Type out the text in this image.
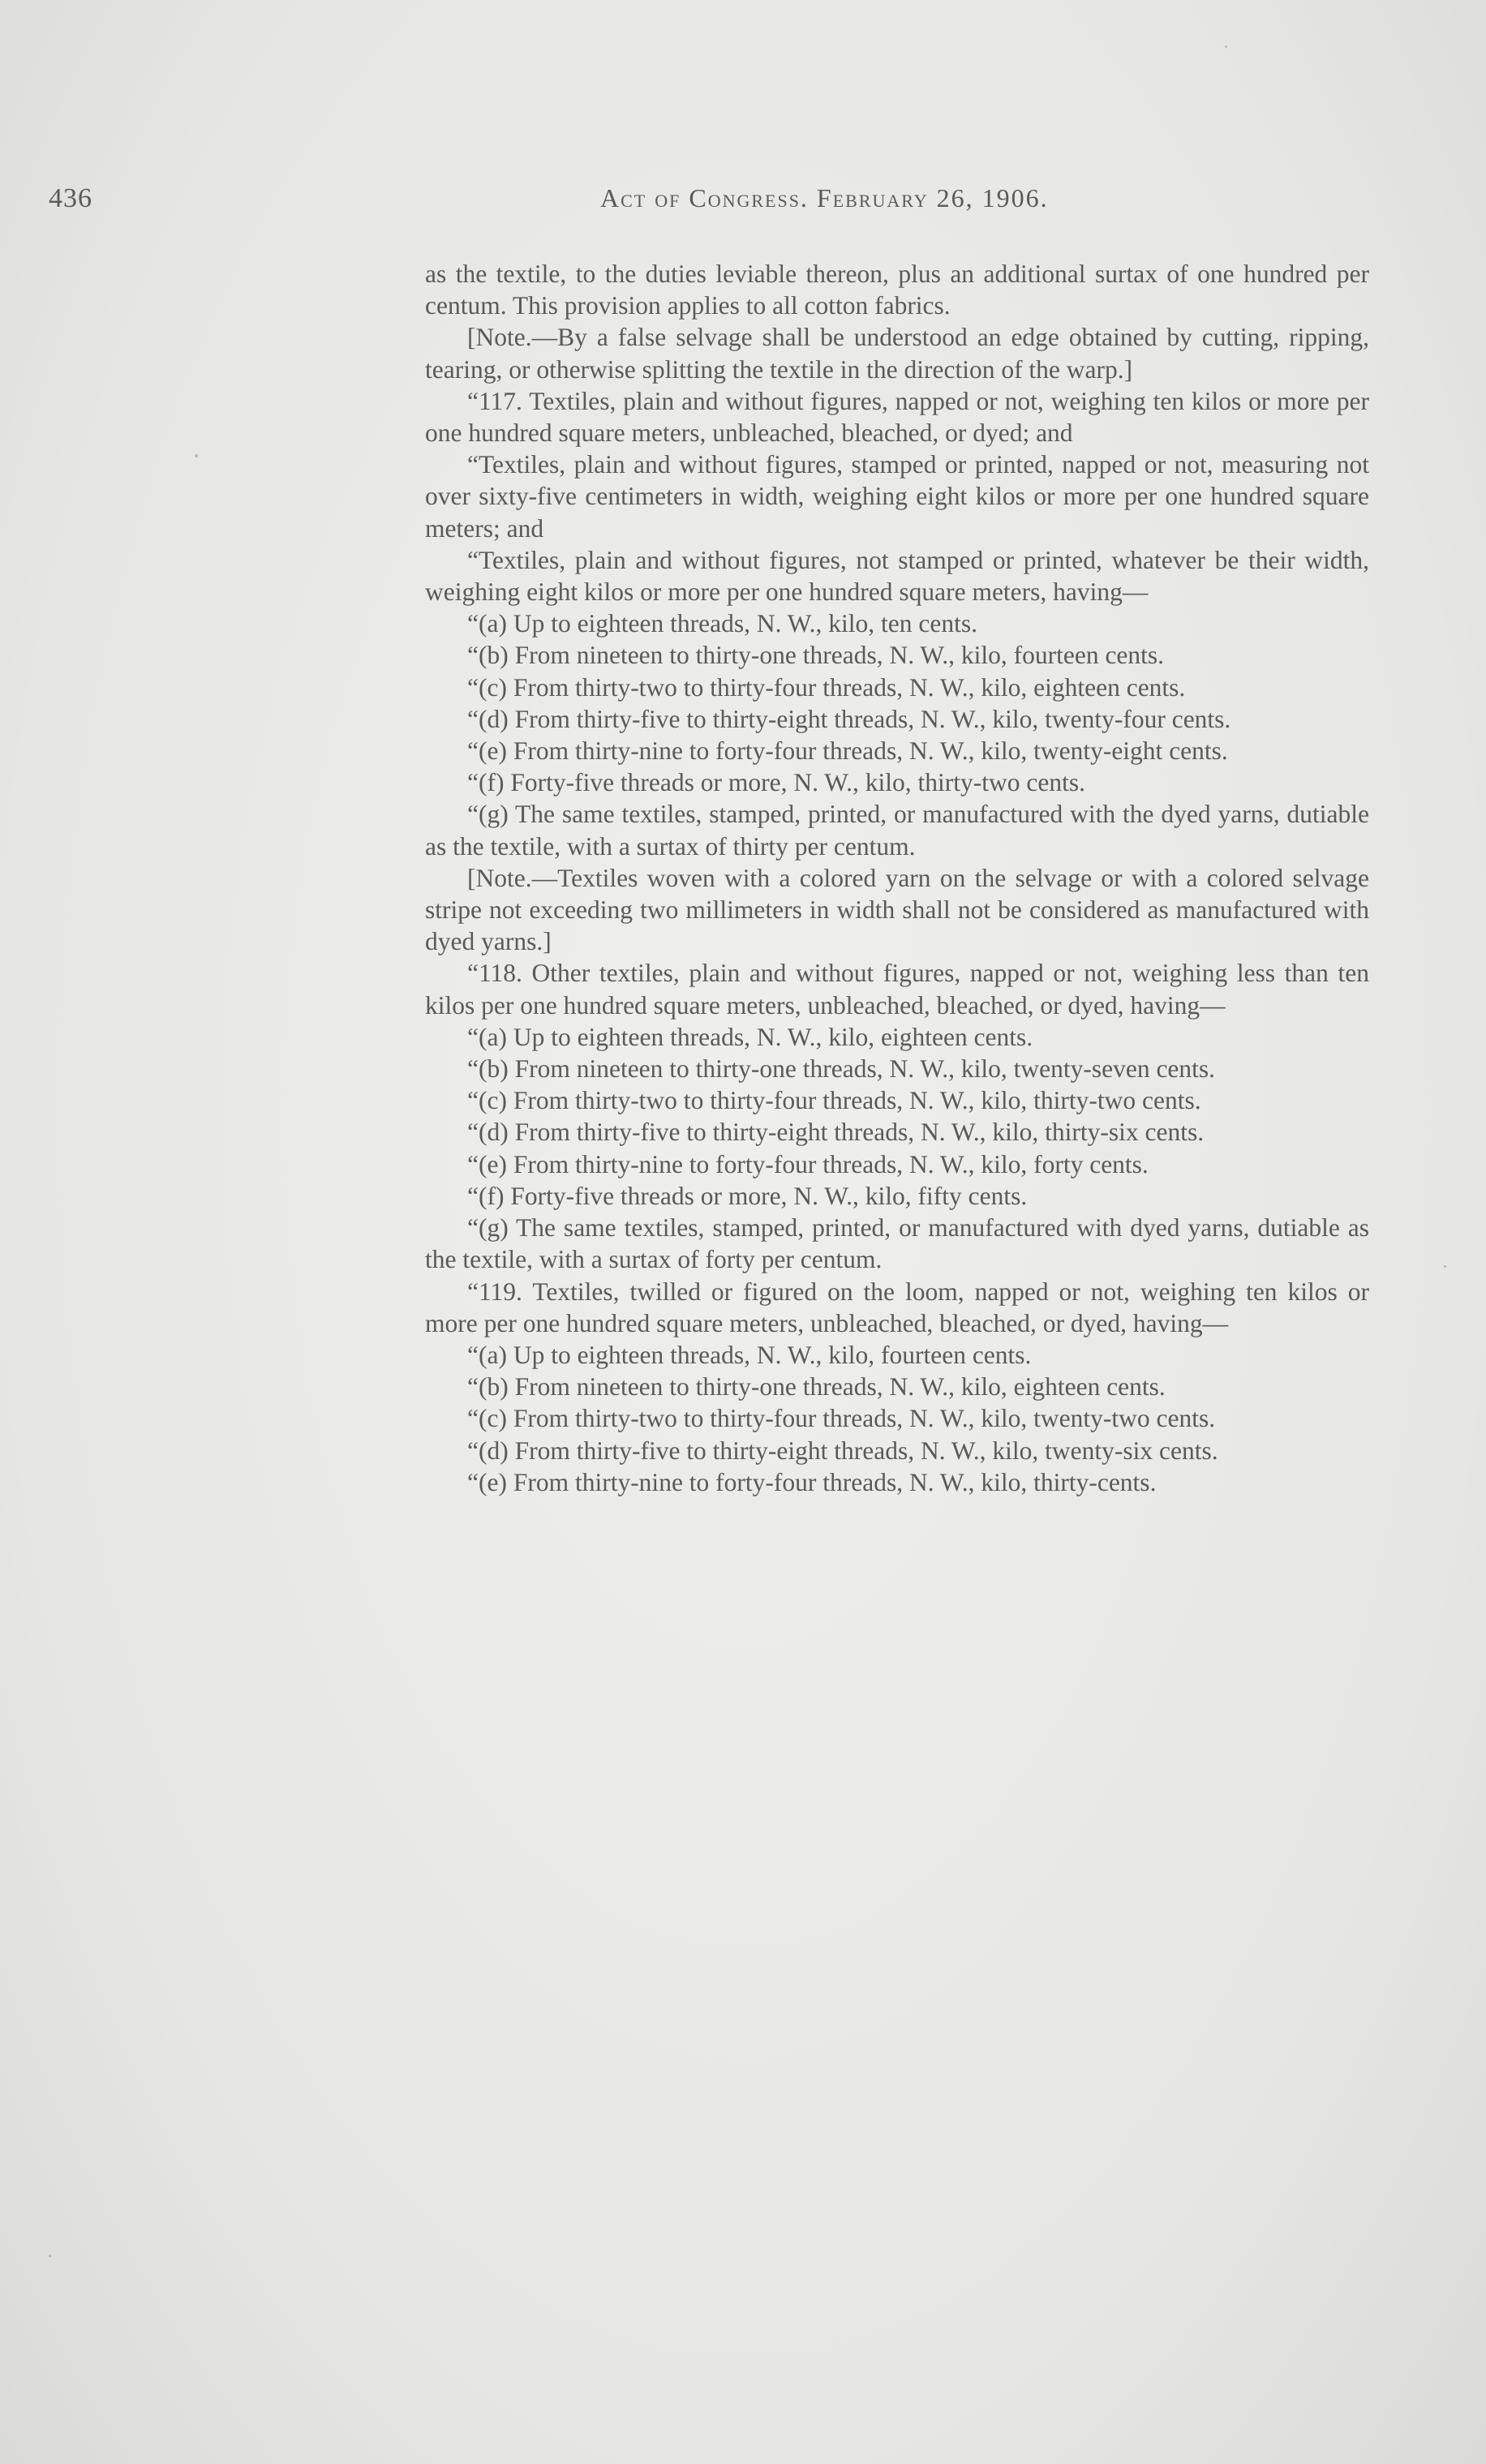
436	Act of Congress. February 26, 1906.

as the textile, to the duties leviable thereon, plus an additional surtax of one hundred per centum. This provision applies to all cotton fabrics.

[Note.—By a false selvage shall be understood an edge obtained by cutting, ripping, tearing, or otherwise splitting the textile in the direction of the warp.]

“117. Textiles, plain and without figures, napped or not, weighing ten kilos or more per one hundred square meters, unbleached, bleached, or dyed; and

“Textiles, plain and without figures, stamped or printed, napped or not, measuring not over sixty-five centimeters in width, weighing eight kilos or more per one hundred square meters; and

“Textiles, plain and without figures, not stamped or printed, whatever be their width, weighing eight kilos or more per one hundred square meters, having—

“(a) Up to eighteen threads, N. W., kilo, ten cents.

“(b) From nineteen to thirty-one threads, N. W., kilo, fourteen cents.

“(c) From thirty-two to thirty-four threads, N. W., kilo, eighteen cents.

“(d) From thirty-five to thirty-eight threads, N. W., kilo, twenty-four cents.

“(e) From thirty-nine to forty-four threads, N. W., kilo, twenty-eight cents.

“(f) Forty-five threads or more, N. W., kilo, thirty-two cents.

“(g) The same textiles, stamped, printed, or manufactured with the dyed yarns, dutiable as the textile, with a surtax of thirty per centum.

[Note.—Textiles woven with a colored yarn on the selvage or with a colored selvage stripe not exceeding two millimeters in width shall not be considered as manufactured with dyed yarns.]

“118. Other textiles, plain and without figures, napped or not, weighing less than ten kilos per one hundred square meters, unbleached, bleached, or dyed, having—

“(a) Up to eighteen threads, N. W., kilo, eighteen cents.

“(b) From nineteen to thirty-one threads, N. W., kilo, twenty-seven cents.

“(c) From thirty-two to thirty-four threads, N. W., kilo, thirty-two cents.

“(d) From thirty-five to thirty-eight threads, N. W., kilo, thirty-six cents.

“(e) From thirty-nine to forty-four threads, N. W., kilo, forty cents.

“(f) Forty-five threads or more, N. W., kilo, fifty cents.

“(g) The same textiles, stamped, printed, or manufactured with dyed yarns, dutiable as the textile, with a surtax of forty per centum.

“119. Textiles, twilled or figured on the loom, napped or not, weighing ten kilos or more per one hundred square meters, unbleached, bleached, or dyed, having—

“(a) Up to eighteen threads, N. W., kilo, fourteen cents.

“(b) From nineteen to thirty-one threads, N. W., kilo, eighteen cents.

“(c) From thirty-two to thirty-four threads, N. W., kilo, twenty-two cents.

“(d) From thirty-five to thirty-eight threads, N. W., kilo, twenty-six cents.

“(e) From thirty-nine to forty-four threads, N. W., kilo, thirty-cents.
